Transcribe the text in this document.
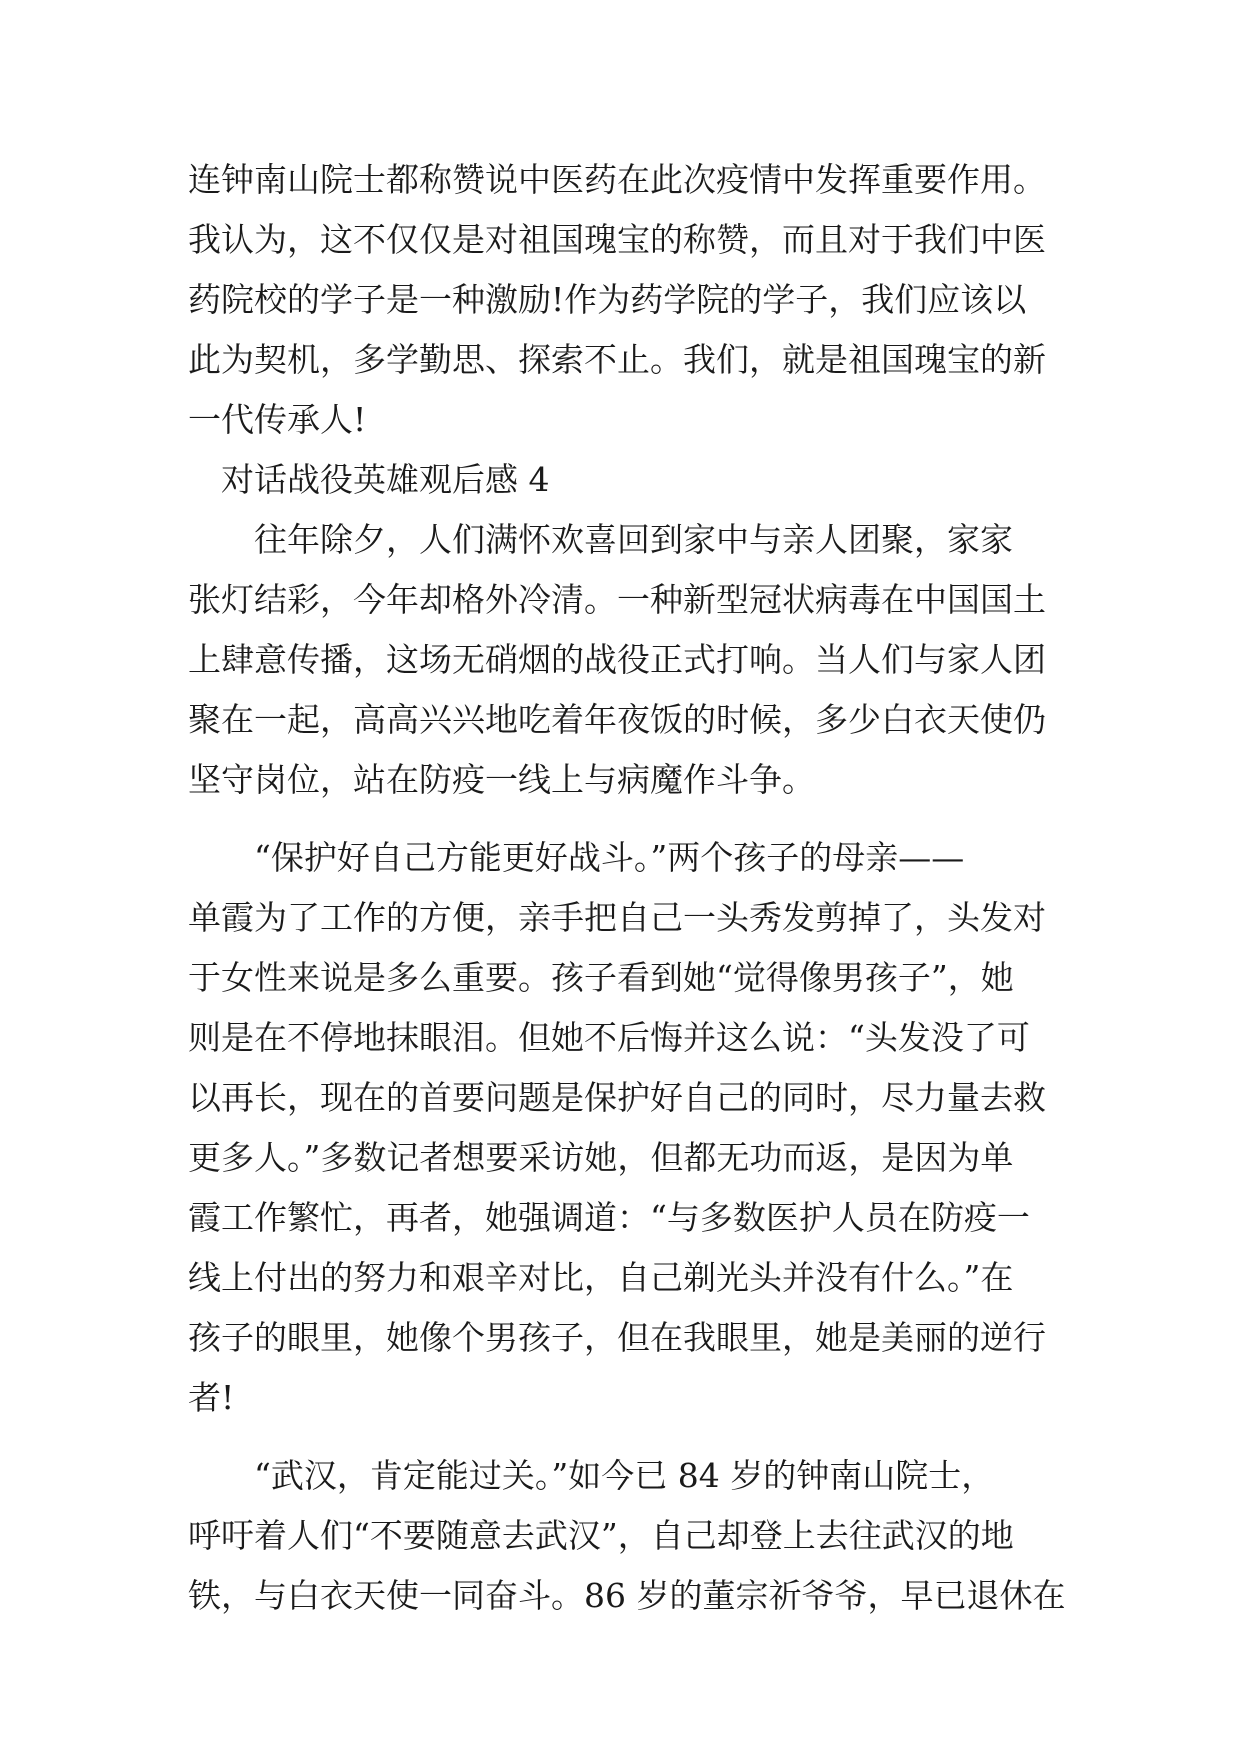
连钟南山院士都称赞说中医药在此次疫情中发挥重要作用。
我认为，这不仅仅是对祖国瑰宝的称赞，而且对于我们中医
药院校的学子是一种激励!作为药学院的学子，我们应该以
此为契机，多学勤思、探索不止。我们，就是祖国瑰宝的新
一代传承人!
对话战役英雄观后感 4
　　往年除夕，人们满怀欢喜回到家中与亲人团聚，家家
张灯结彩，今年却格外冷清。一种新型冠状病毒在中国国土
上肆意传播，这场无硝烟的战役正式打响。当人们与家人团
聚在一起，高高兴兴地吃着年夜饭的时候，多少白衣天使仍
坚守岗位，站在防疫一线上与病魔作斗争。
　　“保护好自己方能更好战斗。”两个孩子的母亲——
单霞为了工作的方便，亲手把自己一头秀发剪掉了，头发对
于女性来说是多么重要。孩子看到她“觉得像男孩子”，她
则是在不停地抹眼泪。但她不后悔并这么说：“头发没了可
以再长，现在的首要问题是保护好自己的同时，尽力量去救
更多人。”多数记者想要采访她，但都无功而返，是因为单
霞工作繁忙，再者，她强调道：“与多数医护人员在防疫一
线上付出的努力和艰辛对比，自己剃光头并没有什么。”在
孩子的眼里，她像个男孩子，但在我眼里，她是美丽的逆行
者!
　　“武汉，肯定能过关。”如今已 84 岁的钟南山院士，
呼吁着人们“不要随意去武汉”，自己却登上去往武汉的地
铁，与白衣天使一同奋斗。86 岁的董宗祈爷爷，早已退休在
